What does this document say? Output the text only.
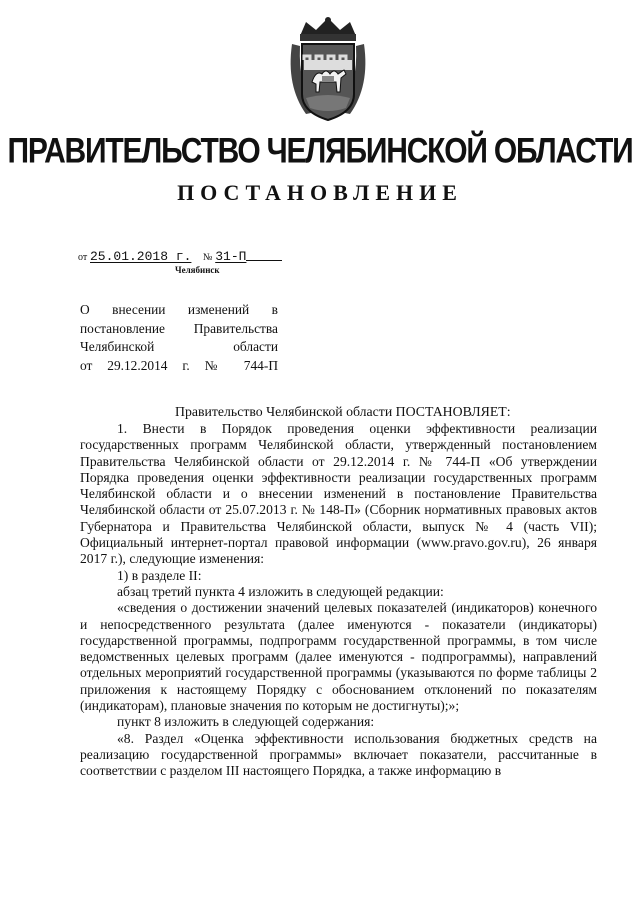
ПРАВИТЕЛЬСТВО ЧЕЛЯБИНСКОЙ ОБЛАСТИ
ПОСТАНОВЛЕНИЕ
от 25.01.2018 г. № 31-П
Челябинск
О внесении изменений в
постановление Правительства
Челябинской области
от 29.12.2014 г. № 744-П
Правительство Челябинской области ПОСТАНОВЛЯЕТ:

1. Внести в Порядок проведения оценки эффективности реализации государственных программ Челябинской области, утвержденный постановлением Правительства Челябинской области от 29.12.2014 г. № 744-П «Об утверждении Порядка проведения оценки эффективности реализации государственных программ Челябинской области и о внесении изменений в постановление Правительства Челябинской области от 25.07.2013 г. № 148-П» (Сборник нормативных правовых актов Губернатора и Правительства Челябинской области, выпуск № 4 (часть VII); Официальный интернет-портал правовой информации (www.pravo.gov.ru), 26 января 2017 г.), следующие изменения:

1) в разделе II:

абзац третий пункта 4 изложить в следующей редакции:

«сведения о достижении значений целевых показателей (индикаторов) конечного и непосредственного результата (далее именуются - показатели (индикаторы) государственной программы, подпрограмм государственной программы, в том числе ведомственных целевых программ (далее именуются - подпрограммы), направлений отдельных мероприятий государственной программы (указываются по форме таблицы 2 приложения к настоящему Порядку с обоснованием отклонений по показателям (индикаторам), плановые значения по которым не достигнуты);»;

пункт 8 изложить в следующей содержания:

«8. Раздел «Оценка эффективности использования бюджетных средств на реализацию государственной программы» включает показатели, рассчитанные в соответствии с разделом III настоящего Порядка, а также информацию в
